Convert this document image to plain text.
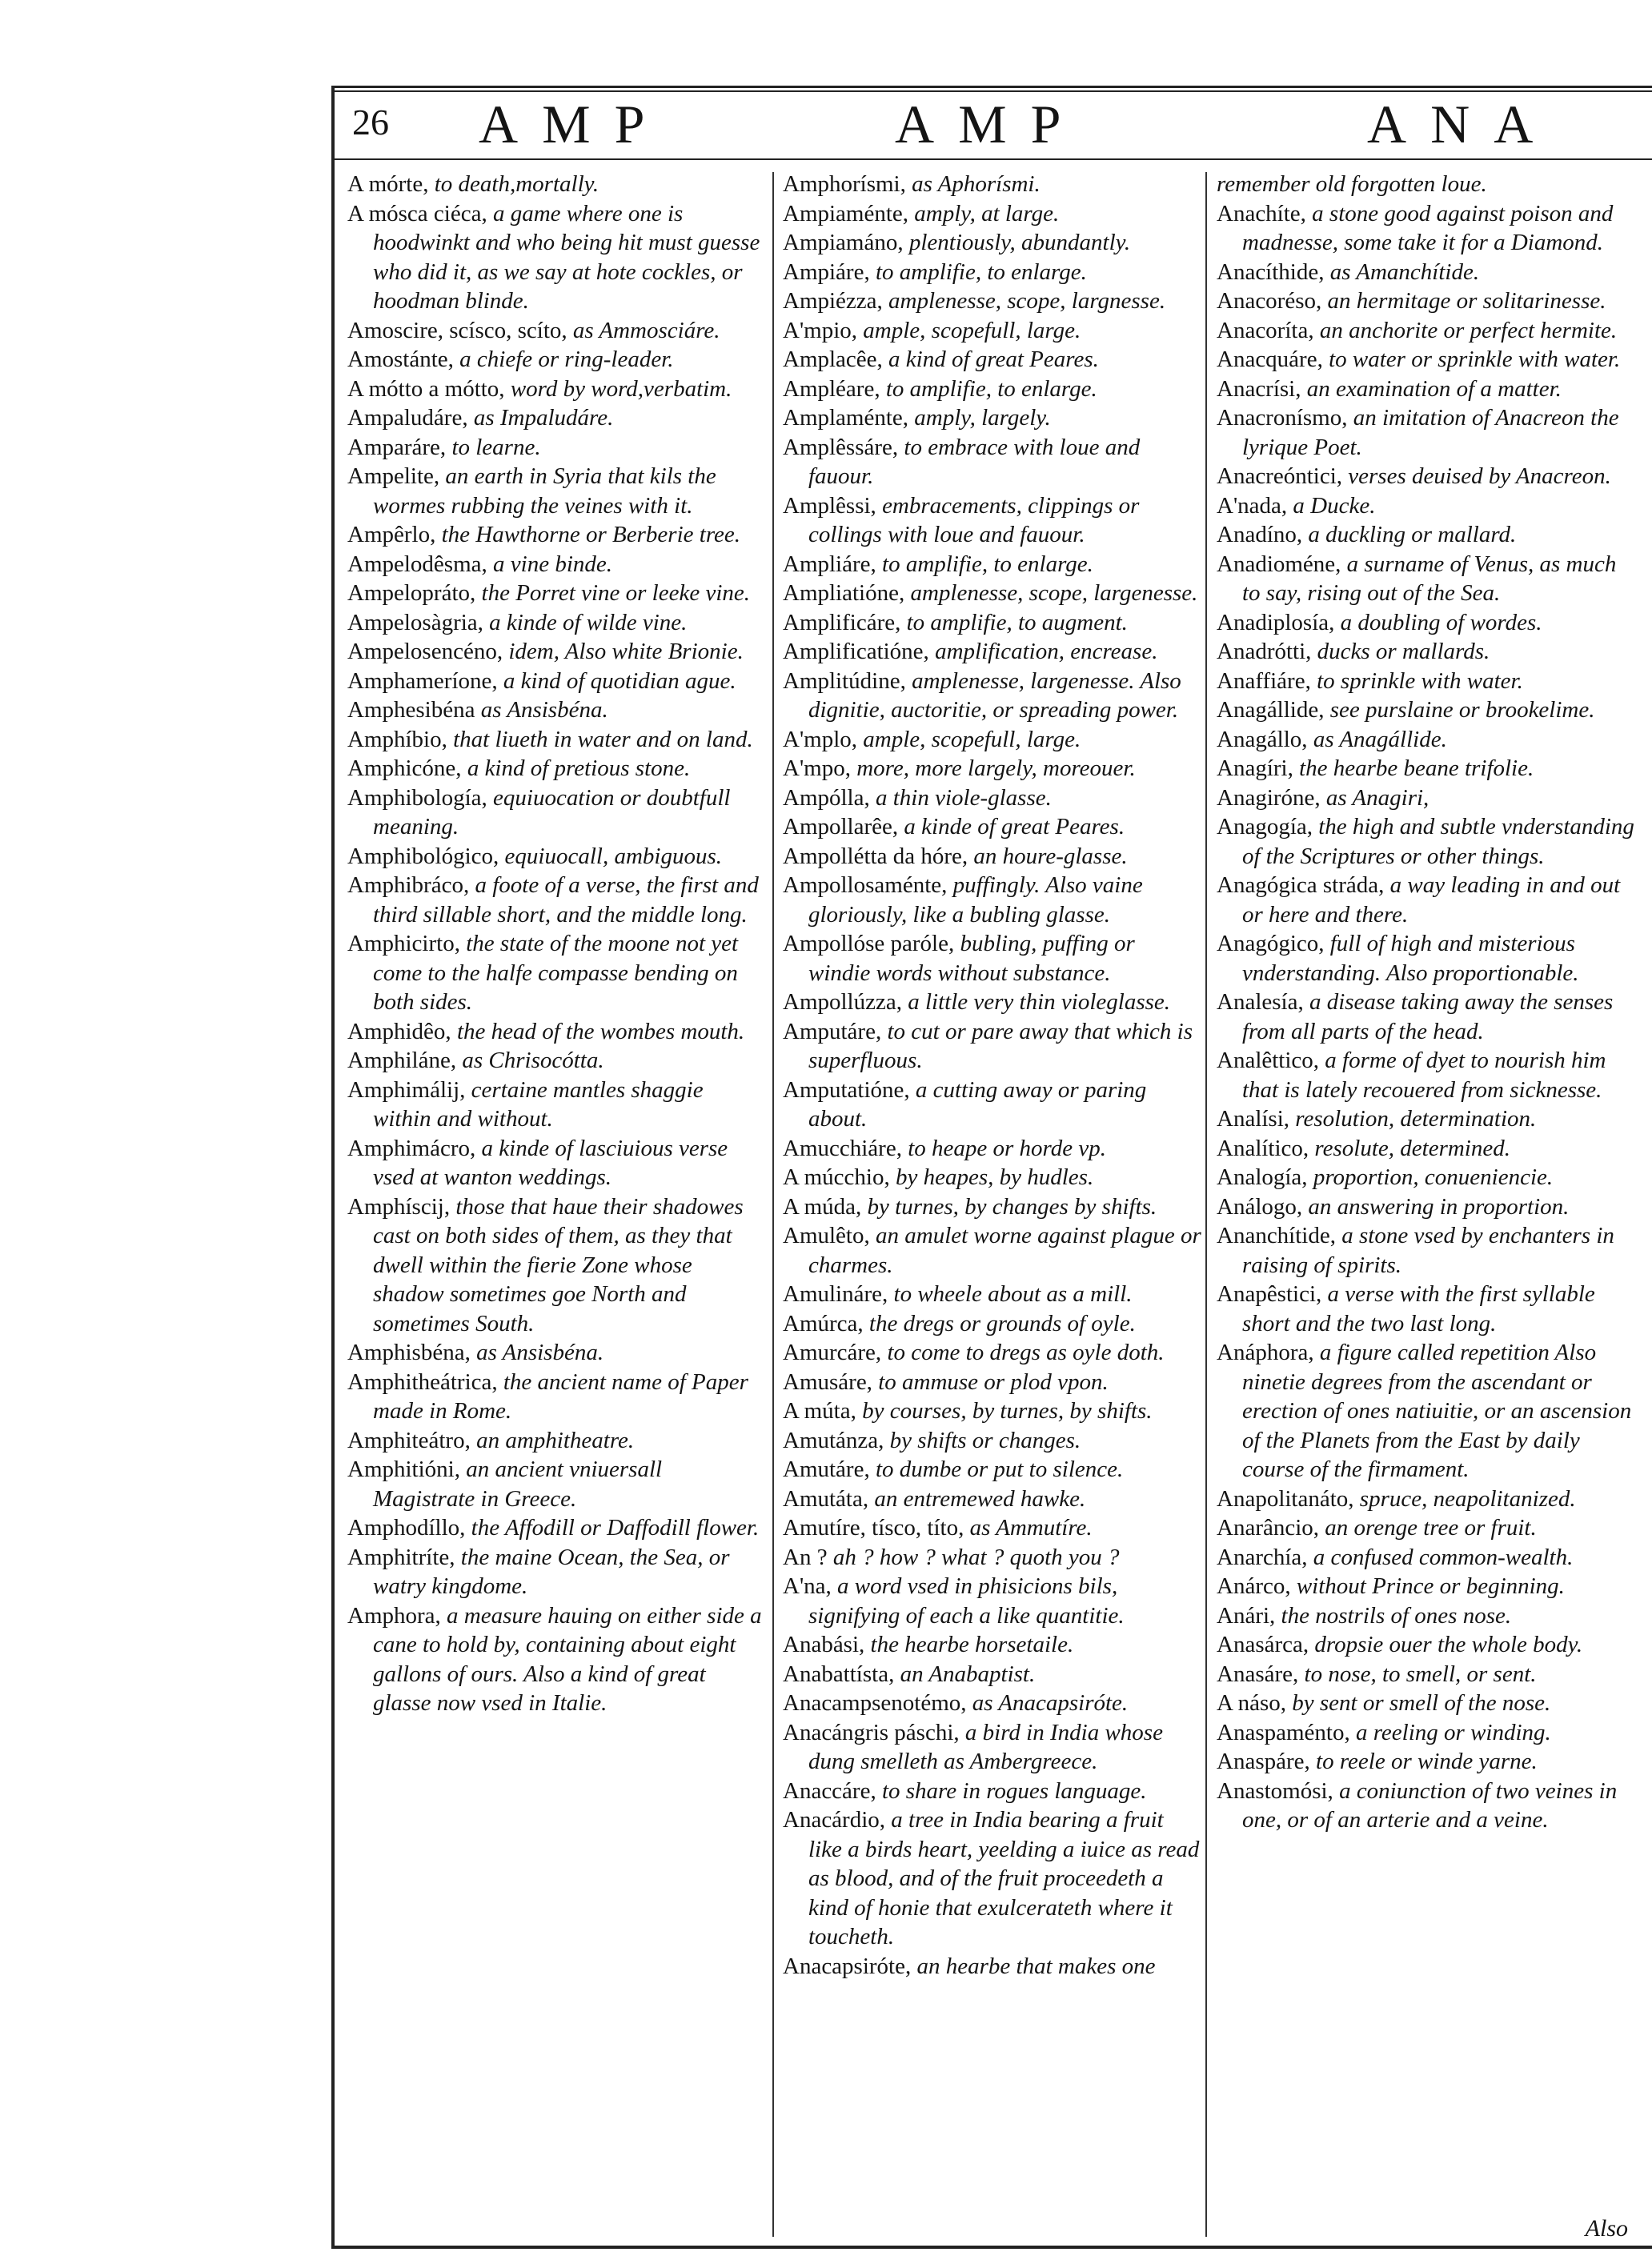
26 AMP	AMP	ANA

A mórte, to death,mortally.

A mósca ciéca, a game where one is hoodwinkt and who being hit must guesse who did it, as we say at hote cockles, or hoodman blinde.

Amoscire, scísco, scíto, as Ammosciáre.

Amostánte, a chiefe or ring-leader.

A mótto a mótto, word by word,verbatim.

Ampaludáre, as Impaludáre.

Amparáre, to learne.

Ampelite, an earth in Syria that kils the wormes rubbing the veines with it.

Ampêrlo, the Hawthorne or Berberie tree.

Ampelodêsma, a vine binde.

Ampelopráto, the Porret vine or leeke vine.

Ampelosàgria, a kinde of wilde vine.

Ampelosencéno, idem, Also white Brionie.

Amphameríone, a kind of quotidian ague.

Amphesibéna as Ansisbéna.

Amphíbio, that liueth in water and on land.

Amphicóne, a kind of pretious stone.

Amphibología, equiuocation or doubtfull meaning.

Amphibológico, equiuocall, ambiguous.

Amphibráco, a foote of a verse, the first and third sillable short, and the middle long.

Amphicirto, the state of the moone not yet come to the halfe compasse bending on both sides.

Amphidêo, the head of the wombes mouth.

Amphiláne, as Chrisocótta.

Amphimálij, certaine mantles shaggie within and without.

Amphimácro, a kinde of lasciuious verse vsed at wanton weddings.

Amphíscij, those that haue their shadowes cast on both sides of them, as they that dwell within the fierie Zone whose shadow sometimes goe North and sometimes South.

Amphisbéna, as Ansisbéna.

Amphitheátrica, the ancient name of Paper made in Rome.

Amphiteátro, an amphitheatre.

Amphitióni, an ancient vniuersall Magistrate in Greece.

Amphodíllo, the Affodill or Daffodill flower.

Amphitríte, the maine Ocean, the Sea, or watry kingdome.

Amphora, a measure hauing on either side a cane to hold by, containing about eight gallons of ours. Also a kind of great glasse now vsed in Italie.

Amphorísmi, as Aphorísmi.

Ampiaménte, amply, at large.

Ampiamáno, plentiously, abundantly.

Ampiáre, to amplifie, to enlarge.

Ampiézza, amplenesse, scope, largnesse.

A'mpio, ample, scopefull, large.

Amplacêe, a kind of great Peares.

Ampléare, to amplifie, to enlarge.

Amplaménte, amply, largely.

Amplêssáre, to embrace with loue and fauour.

Amplêssi, embracements, clippings or collings with loue and fauour.

Ampliáre, to amplifie, to enlarge.

Ampliatióne, amplenesse, scope, largenesse.

Amplificáre, to amplifie, to augment.

Amplificatióne, amplification, encrease.

Amplitúdine, amplenesse, largenesse. Also dignitie, auctoritie, or spreading power.

A'mplo, ample, scopefull, large.

A'mpo, more, more largely, moreouer.

Ampólla, a thin viole-glasse.

Ampollarêe, a kinde of great Peares.

Ampollétta da hóre, an houre-glasse.

Ampollosaménte, puffingly. Also vaine gloriously, like a bubling glasse.

Ampollóse paróle, bubling, puffing or windie words without substance.

Ampollúzza, a little very thin violeglasse.

Amputáre, to cut or pare away that which is superfluous.

Amputatióne, a cutting away or paring about.

Amucchiáre, to heape or horde vp.

A múcchio, by heapes, by hudles.

A múda, by turnes, by changes by shifts.

Amulêto, an amulet worne against plague or charmes.

Amulináre, to wheele about as a mill.

Amúrca, the dregs or grounds of oyle.

Amurcáre, to come to dregs as oyle doth.

Amusáre, to ammuse or plod vpon.

A múta, by courses, by turnes, by shifts.

Amutánza, by shifts or changes.

Amutáre, to dumbe or put to silence.

Amutáta, an entremewed hawke.

Amutíre, tísco, títo, as Ammutíre.

An ? ah ? how ? what ? quoth you ?

A'na, a word vsed in phisicions bils, signifying of each a like quantitie.

Anabási, the hearbe horsetaile.

Anabattísta, an Anabaptist.

Anacampsenotémo, as Anacapsiróte.

Anacángris páschi, a bird in India whose dung smelleth as Ambergreece.

Anaccáre, to share in rogues language.

Anacárdio, a tree in India bearing a fruit like a birds heart, yeelding a iuice as read as blood, and of the fruit proceedeth a kind of honie that exulcerateth where it toucheth.

Anacapsiróte, an hearbe that makes one

remember old forgotten loue.

Anachíte, a stone good against poison and madnesse, some take it for a Diamond.

Anacíthide, as Amanchítide.

Anacoréso, an hermitage or solitarinesse.

Anacoríta, an anchorite or perfect hermite.

Anacquáre, to water or sprinkle with water.

Anacrísi, an examination of a matter.

Anacronísmo, an imitation of Anacreon the lyrique Poet.

Anacreóntici, verses deuised by Anacreon.

A'nada, a Ducke.

Anadíno, a duckling or mallard.

Anadioméne, a surname of Venus, as much to say, rising out of the Sea.

Anadiplosía, a doubling of wordes.

Anadrótti, ducks or mallards.

Anaffiáre, to sprinkle with water.

Anagállide, see purslaine or brookelime.

Anagállo, as Anagállide.

Anagíri, the hearbe beane trifolie.

Anagiróne, as Anagiri,

Anagogía, the high and subtle vnderstanding of the Scriptures or other things.

Anagógica stráda, a way leading in and out or here and there.

Anagógico, full of high and misterious vnderstanding. Also proportionable.

Analesía, a disease taking away the senses from all parts of the head.

Analêttico, a forme of dyet to nourish him that is lately recouered from sicknesse.

Analísi, resolution, determination.

Analítico, resolute, determined.

Analogía, proportion, conueniencie.

Análogo, an answering in proportion.

Ananchítide, a stone vsed by enchanters in raising of spirits.

Anapêstici, a verse with the first syllable short and the two last long.

Anáphora, a figure called repetition Also ninetie degrees from the ascendant or erection of ones natiuitie, or an ascension of the Planets from the East by daily course of the firmament.

Anapolitanáto, spruce, neapolitanized.

Anarâncio, an orenge tree or fruit.

Anarchía, a confused common-wealth.

Anárco, without Prince or beginning.

Anári, the nostrils of ones nose.

Anasárca, dropsie ouer the whole body.

Anasáre, to nose, to smell, or sent.

A náso, by sent or smell of the nose.

Anaspaménto, a reeling or winding.

Anaspáre, to reele or winde yarne.

Anastomósi, a coniunction of two veines in one, or of an arterie and a veine.

Also
